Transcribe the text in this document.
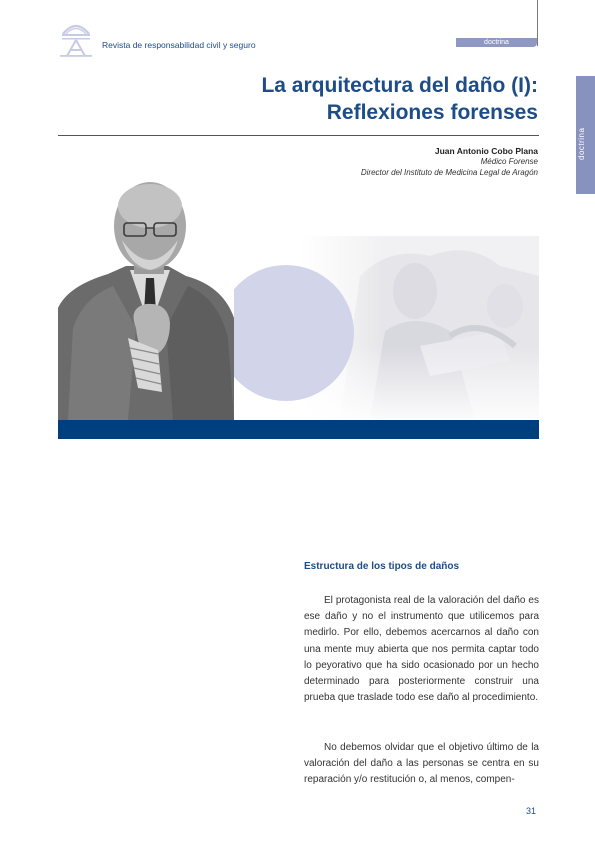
Revista de responsabilidad civil y seguro	doctrina
doctrina
La arquitectura del daño (I):
Reflexiones forenses
Juan Antonio Cobo Plana
Médico Forense
Director del Instituto de Medicina Legal de Aragón
Estructura de los tipos de daños

El protagonista real de la valoración del daño es ese daño y no el instrumento que utilicemos para medirlo. Por ello, debemos acercarnos al daño con una mente muy abierta que nos permita captar todo lo peyorativo que ha sido ocasionado por un hecho determinado para posteriormente construir una prueba que traslade todo ese daño al procedimiento.

No debemos olvidar que el objetivo último de la valoración del daño a las personas se centra en su reparación y/o restitución o, al menos, compen-

31
